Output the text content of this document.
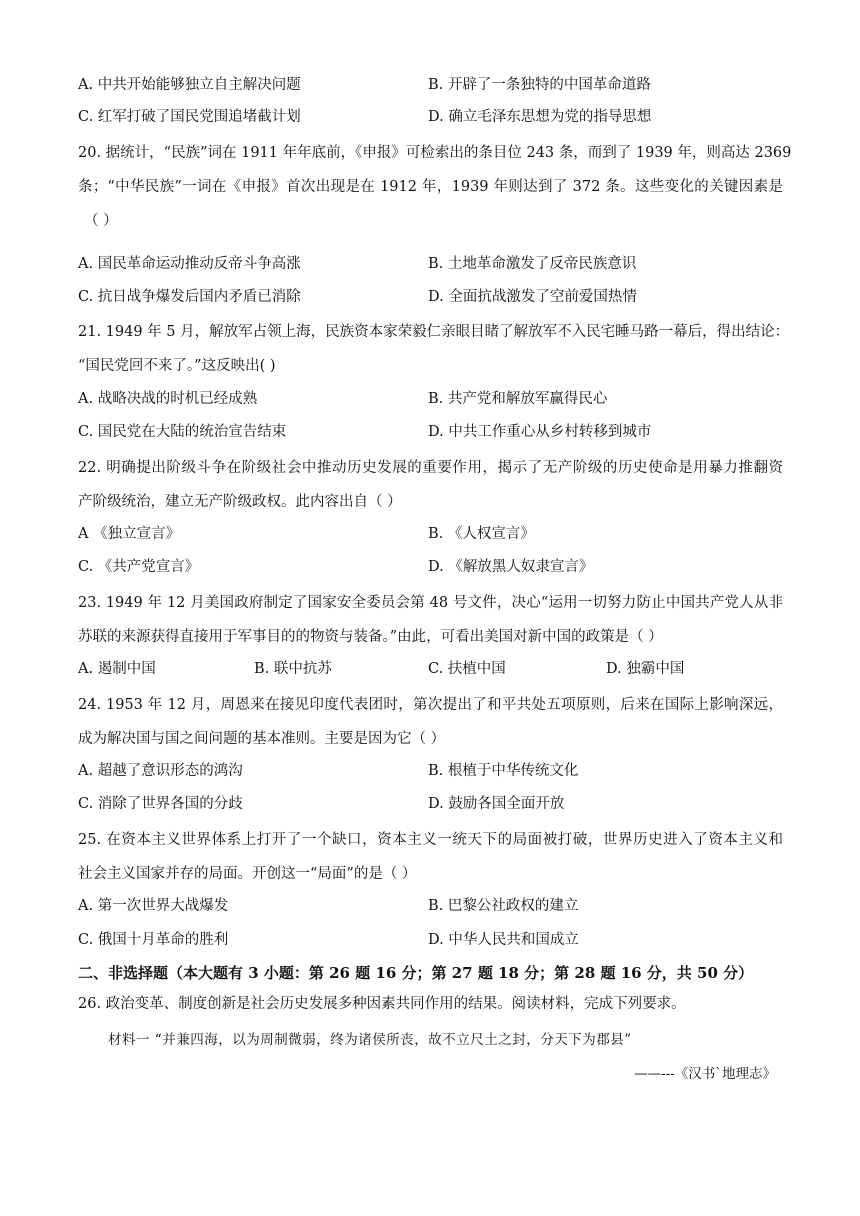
A. 中共开始能够独立自主解决问题	B. 开辟了一条独特的中国革命道路
C. 红军打破了国民党围追堵截计划	D. 确立毛泽东思想为党的指导思想
20. 据统计，“民族”词在 1911 年年底前，《申报》可检索出的条目位 243 条，而到了 1939 年，则高达 2369
条；“中华民族”一词在《申报》首次出现是在 1912 年，1939 年则达到了 372 条。这些变化的关键因素是
（ ）
A. 国民革命运动推动反帝斗争高涨	B. 土地革命激发了反帝民族意识
C. 抗日战争爆发后国内矛盾已消除	D. 全面抗战激发了空前爱国热情
21. 1949 年 5 月，解放军占领上海，民族资本家荣毅仁亲眼目睹了解放军不入民宅睡马路一幕后，得出结论：
“国民党回不来了。”这反映出( )
A. 战略决战的时机已经成熟	B. 共产党和解放军赢得民心
C. 国民党在大陆的统治宣告结束	D. 中共工作重心从乡村转移到城市
22. 明确提出阶级斗争在阶级社会中推动历史发展的重要作用，揭示了无产阶级的历史使命是用暴力推翻资
产阶级统治，建立无产阶级政权。此内容出自（ ）
A 《独立宣言》	B. 《人权宣言》
C. 《共产党宣言》	D. 《解放黑人奴隶宣言》
23. 1949 年 12 月美国政府制定了国家安全委员会第 48 号文件，决心“运用一切努力防止中国共产党人从非
苏联的来源获得直接用于军事目的的物资与装备。”由此，可看出美国对新中国的政策是（ ）
A. 遏制中国	B. 联中抗苏	C. 扶植中国	D. 独霸中国
24. 1953 年 12 月，周恩来在接见印度代表团时，第次提出了和平共处五项原则，后来在国际上影响深远，
成为解决国与国之间问题的基本准则。主要是因为它（ ）
A. 超越了意识形态的鸿沟	B. 根植于中华传统文化
C. 消除了世界各国的分歧	D. 鼓励各国全面开放
25. 在资本主义世界体系上打开了一个缺口，资本主义一统天下的局面被打破，世界历史进入了资本主义和
社会主义国家并存的局面。开创这一“局面”的是（ ）
A. 第一次世界大战爆发	B. 巴黎公社政权的建立
C. 俄国十月革命的胜利	D. 中华人民共和国成立
二、非选择题（本大题有 3 小题：第 26 题 16 分；第 27 题 18 分；第 28 题 16 分，共 50 分）
26. 政治变革、制度创新是社会历史发展多种因素共同作用的结果。阅读材料，完成下列要求。
材料一 “并兼四海，以为周制微弱，终为诸侯所丧，故不立尺土之封，分天下为郡县”
——---《汉书`地理志》
